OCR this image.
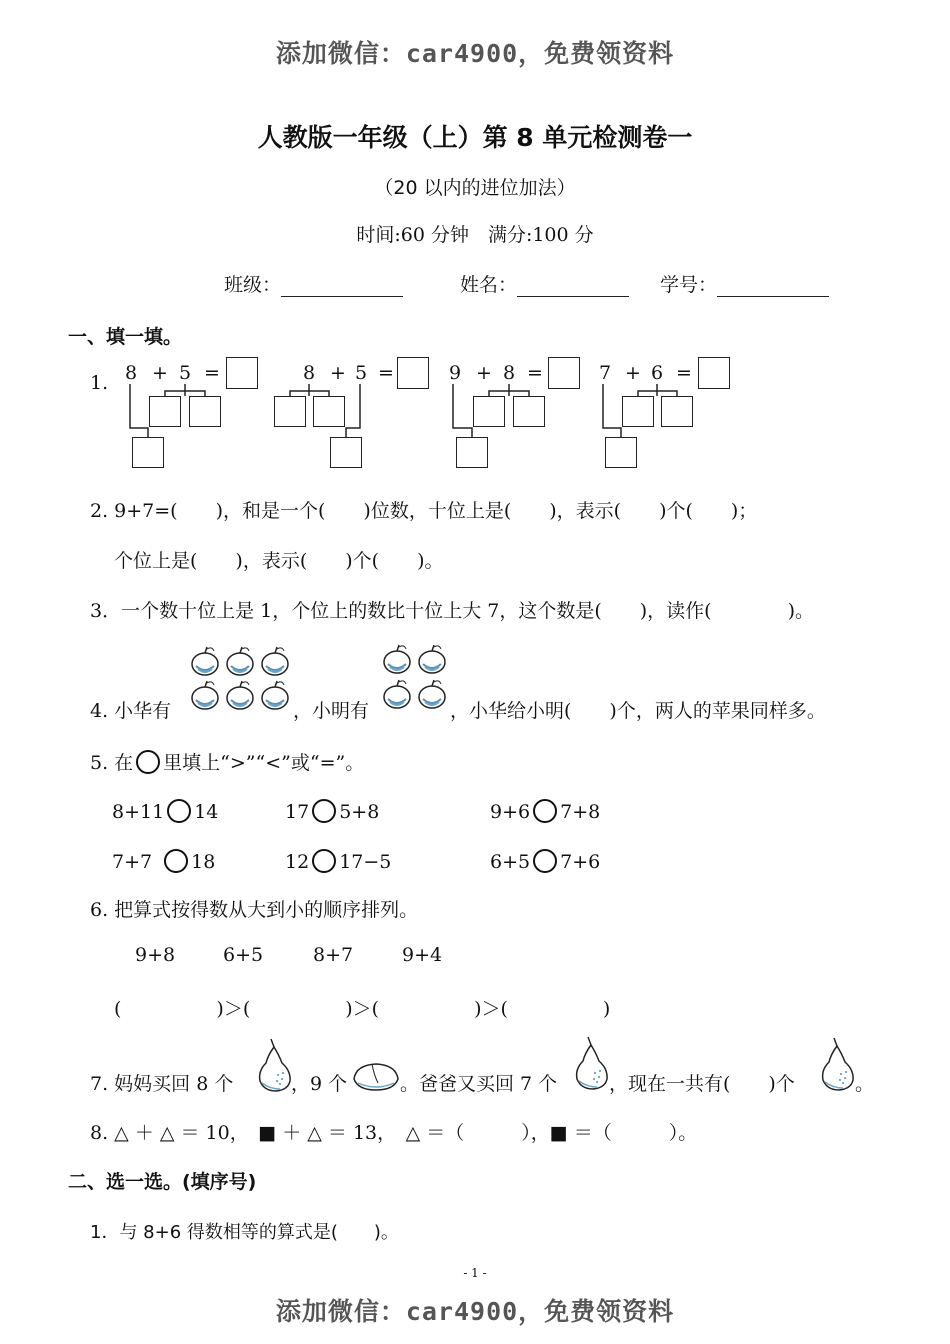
添加微信：car4900，免费领资料
添加微信：car4900，免费领资料
人教版一年级（上）第 8 单元检测卷一
（20 以内的进位加法）
时间:60 分钟　满分:100 分
班级：	姓名：	学号：
一、填一填。
1. 8 + 5 =	8 + 5 =	9 + 8 =	7 + 6 =
2. 9+7=(　　)，和是一个(　　)位数，十位上是(　　)，表示(　　)个(　　)；
个位上是(　　)，表示(　　)个(　　)。
3．一个数十位上是 1，个位上的数比十位上大 7，这个数是(　　)，读作(　　　　)。
4. 小华有	，小明有	，小华给小明(　　)个，两人的苹果同样多。
5. 在 里填上“>”“<”或“=”。
8+11 14	17 5+8	9+6 7+8
7+7 18	12 17−5	6+5 7+6
6. 把算式按得数从大到小的顺序排列。
9+8	6+5	8+7	9+4
(　　　　　)＞(　　　　　)＞(　　　　　)＞(　　　　　)
7. 妈妈买回 8 个	，9 个	。爸爸又买回 7 个	，现在一共有(　　)个	。
8. △ ＋ △ ＝ 10，　■ ＋ △ ＝ 13，　△ ＝（　　　），■ ＝（　　　）。
二、选一选。(填序号)
1．与 8+6 得数相等的算式是(　　)。
- 1 -
